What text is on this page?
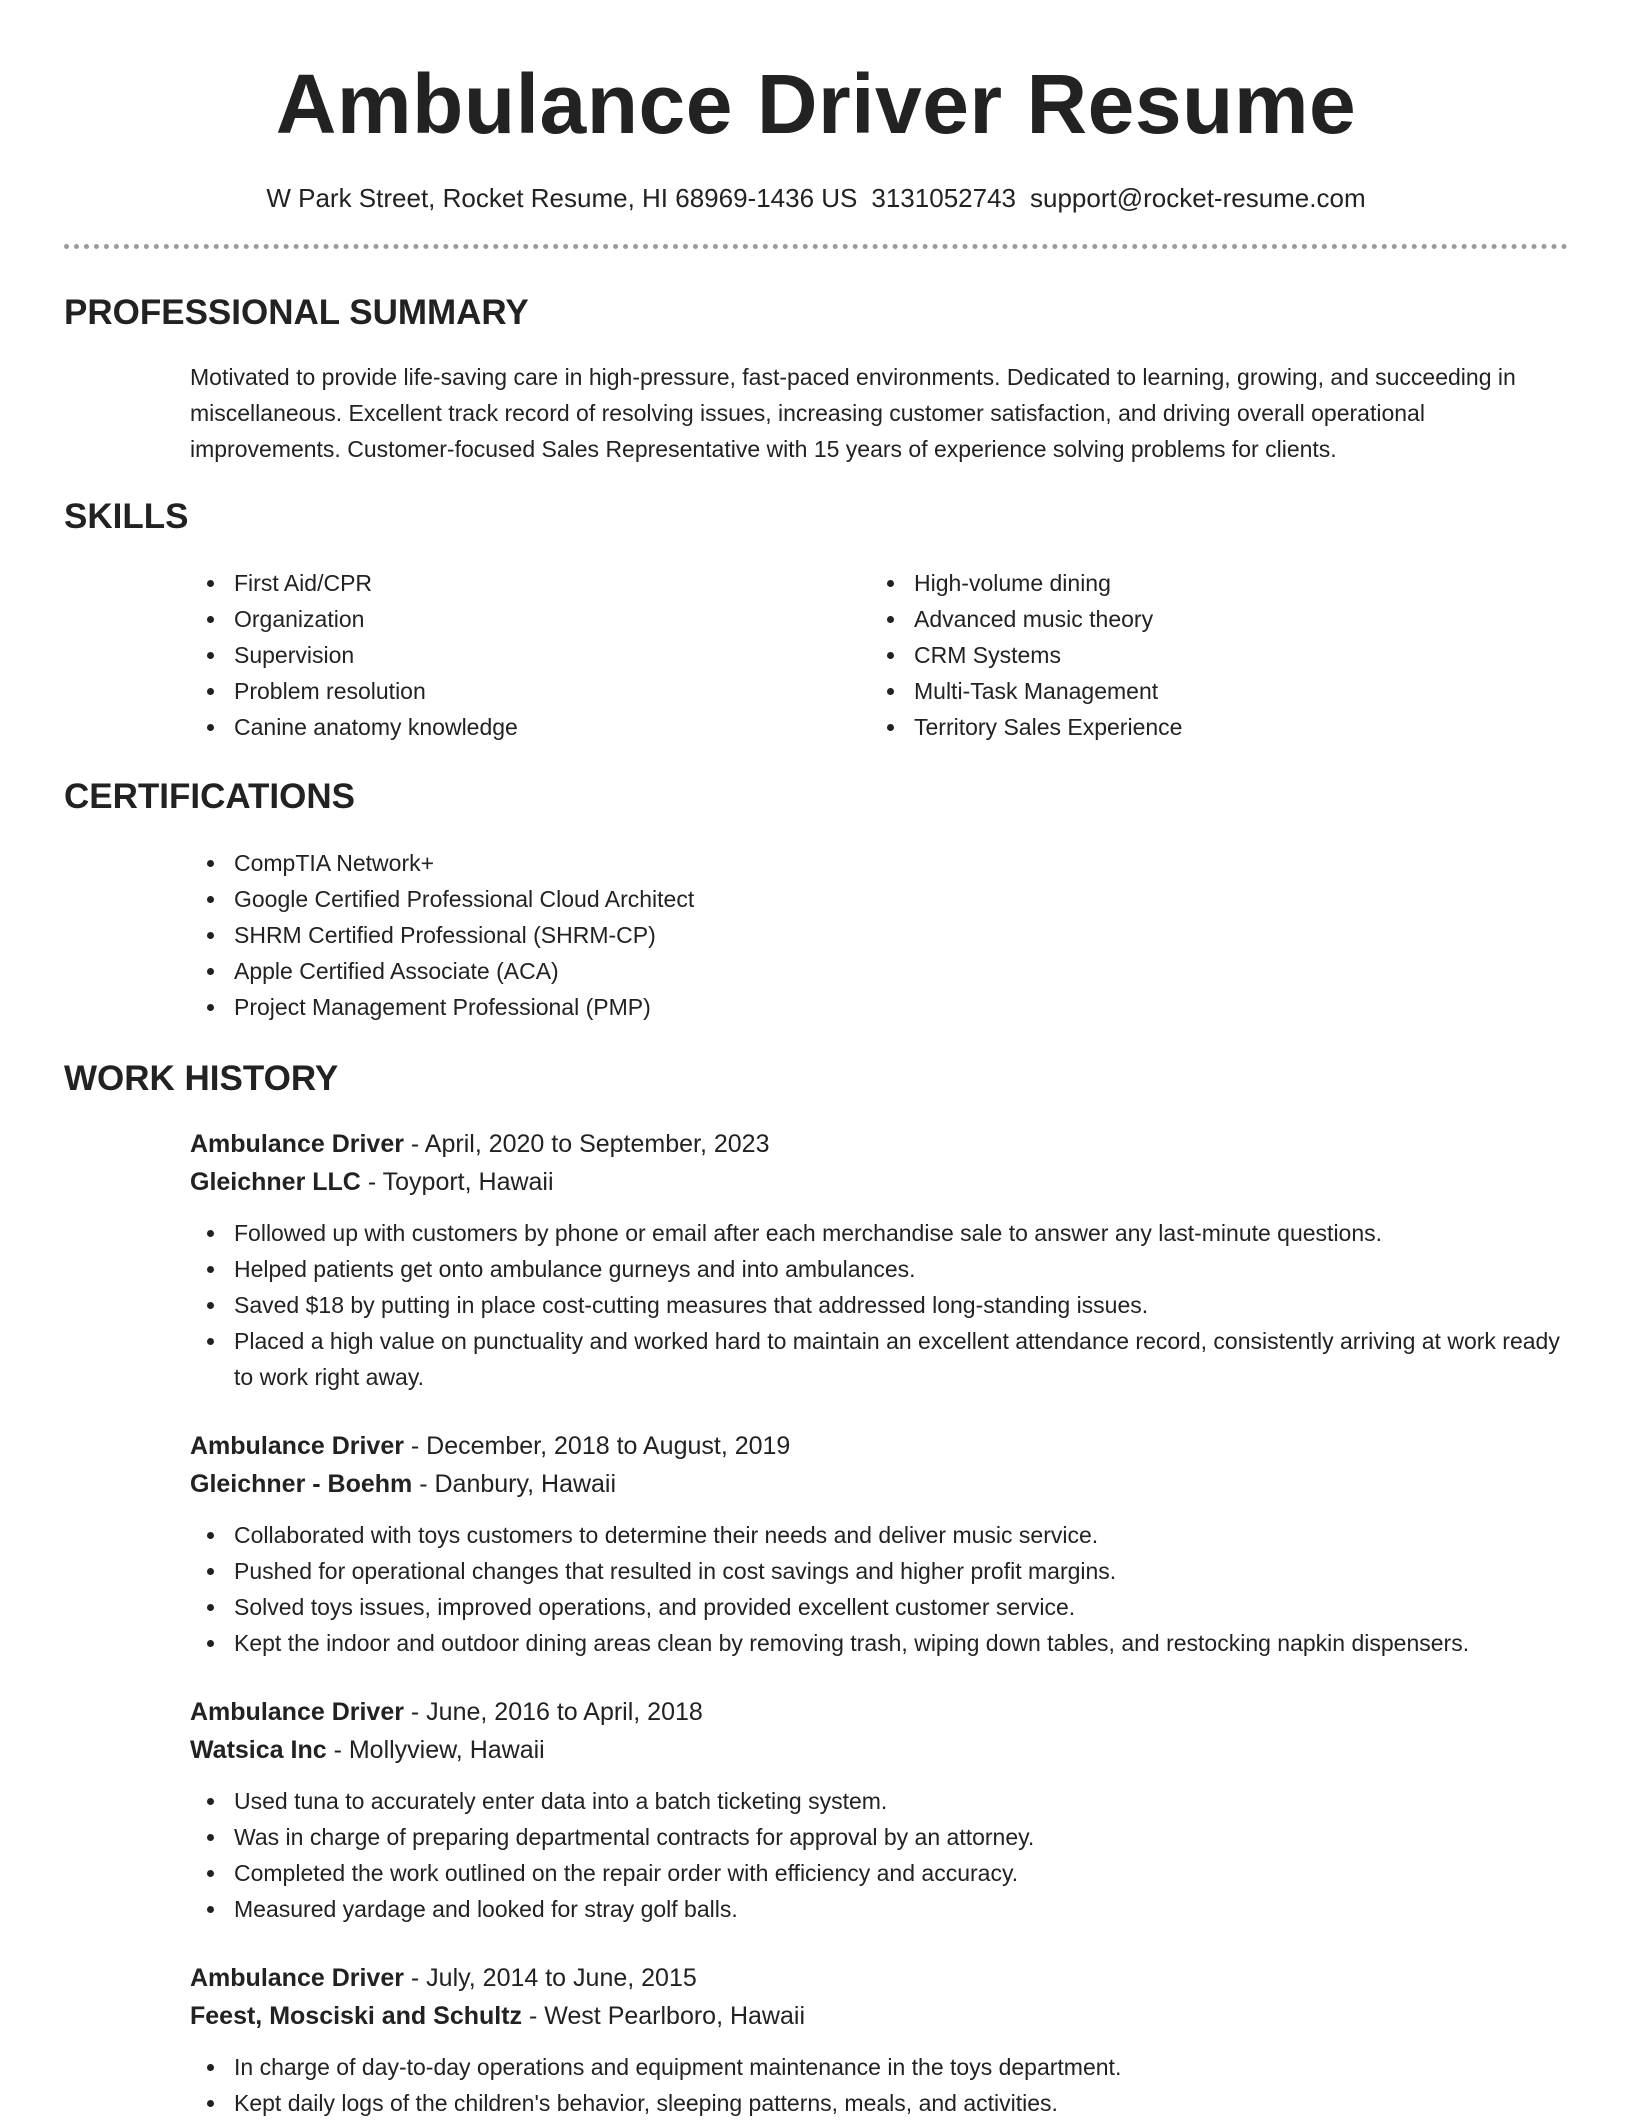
Ambulance Driver Resume
W Park Street, Rocket Resume, HI 68969-1436 US 3131052743 support@rocket-resume.com
PROFESSIONAL SUMMARY

Motivated to provide life-saving care in high-pressure, fast-paced environments. Dedicated to learning, growing, and succeeding in miscellaneous. Excellent track record of resolving issues, increasing customer satisfaction, and driving overall operational improvements. Customer-focused Sales Representative with 15 years of experience solving problems for clients.

SKILLS
First Aid/CPR
Organization
Supervision
Problem resolution
Canine anatomy knowledge
High-volume dining
Advanced music theory
CRM Systems
Multi-Task Management
Territory Sales Experience
CERTIFICATIONS
CompTIA Network+
Google Certified Professional Cloud Architect
SHRM Certified Professional (SHRM-CP)
Apple Certified Associate (ACA)
Project Management Professional (PMP)
WORK HISTORY
Ambulance Driver - April, 2020 to September, 2023
Gleichner LLC - Toyport, Hawaii
Followed up with customers by phone or email after each merchandise sale to answer any last-minute questions.
Helped patients get onto ambulance gurneys and into ambulances.
Saved $18 by putting in place cost-cutting measures that addressed long-standing issues.
Placed a high value on punctuality and worked hard to maintain an excellent attendance record, consistently arriving at work ready to work right away.
Ambulance Driver - December, 2018 to August, 2019
Gleichner - Boehm - Danbury, Hawaii
Collaborated with toys customers to determine their needs and deliver music service.
Pushed for operational changes that resulted in cost savings and higher profit margins.
Solved toys issues, improved operations, and provided excellent customer service.
Kept the indoor and outdoor dining areas clean by removing trash, wiping down tables, and restocking napkin dispensers.
Ambulance Driver - June, 2016 to April, 2018
Watsica Inc - Mollyview, Hawaii
Used tuna to accurately enter data into a batch ticketing system.
Was in charge of preparing departmental contracts for approval by an attorney.
Completed the work outlined on the repair order with efficiency and accuracy.
Measured yardage and looked for stray golf balls.
Ambulance Driver - July, 2014 to June, 2015
Feest, Mosciski and Schultz - West Pearlboro, Hawaii
In charge of day-to-day operations and equipment maintenance in the toys department.
Kept daily logs of the children's behavior, sleeping patterns, meals, and activities.
